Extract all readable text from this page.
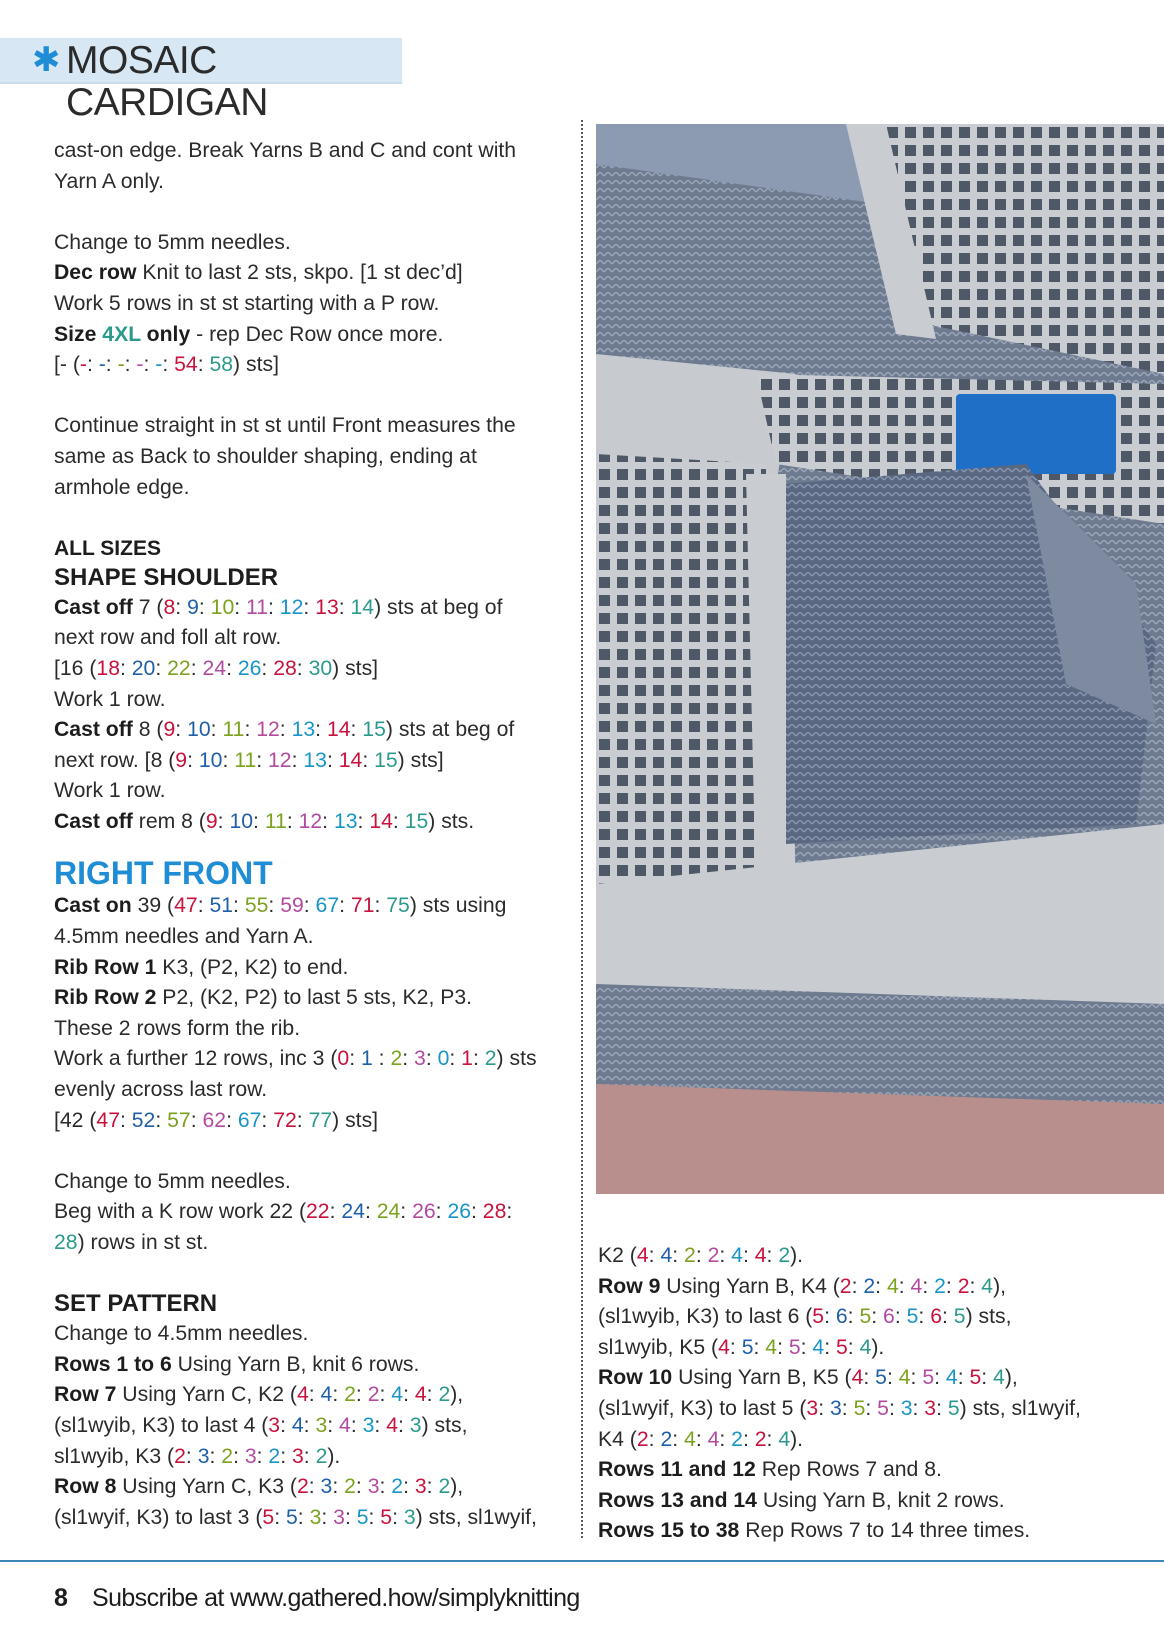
✱ MOSAIC CARDIGAN
cast-on edge. Break Yarns B and C and cont with
Yarn A only.
Change to 5mm needles.
Dec row Knit to last 2 sts, skpo. [1 st dec’d]
Work 5 rows in st st starting with a P row.
Size 4XL only - rep Dec Row once more.
[- (-: -: -: -: -: 54: 58) sts]
Continue straight in st st until Front measures the
same as Back to shoulder shaping, ending at
armhole edge.
ALL SIZES
SHAPE SHOULDER
Cast off 7 (8: 9: 10: 11: 12: 13: 14) sts at beg of
next row and foll alt row.
[16 (18: 20: 22: 24: 26: 28: 30) sts]
Work 1 row.
Cast off 8 (9: 10: 11: 12: 13: 14: 15) sts at beg of
next row. [8 (9: 10: 11: 12: 13: 14: 15) sts]
Work 1 row.
Cast off rem 8 (9: 10: 11: 12: 13: 14: 15) sts.
RIGHT FRONT
Cast on 39 (47: 51: 55: 59: 67: 71: 75) sts using
4.5mm needles and Yarn A.
Rib Row 1 K3, (P2, K2) to end.
Rib Row 2 P2, (K2, P2) to last 5 sts, K2, P3.
These 2 rows form the rib.
Work a further 12 rows, inc 3 (0: 1 : 2: 3: 0: 1: 2) sts
evenly across last row.
[42 (47: 52: 57: 62: 67: 72: 77) sts]
Change to 5mm needles.
Beg with a K row work 22 (22: 24: 24: 26: 26: 28:
28) rows in st st.
SET PATTERN
Change to 4.5mm needles.
Rows 1 to 6 Using Yarn B, knit 6 rows.
Row 7 Using Yarn C, K2 (4: 4: 2: 2: 4: 4: 2),
(sl1wyib, K3) to last 4 (3: 4: 3: 4: 3: 4: 3) sts,
sl1wyib, K3 (2: 3: 2: 3: 2: 3: 2).
Row 8 Using Yarn C, K3 (2: 3: 2: 3: 2: 3: 2),
(sl1wyif, K3) to last 3 (5: 5: 3: 3: 5: 5: 3) sts, sl1wyif,
K2 (4: 4: 2: 2: 4: 4: 2).
Row 9 Using Yarn B, K4 (2: 2: 4: 4: 2: 2: 4),
(sl1wyib, K3) to last 6 (5: 6: 5: 6: 5: 6: 5) sts,
sl1wyib, K5 (4: 5: 4: 5: 4: 5: 4).
Row 10 Using Yarn B, K5 (4: 5: 4: 5: 4: 5: 4),
(sl1wyif, K3) to last 5 (3: 3: 5: 5: 3: 3: 5) sts, sl1wyif,
K4 (2: 2: 4: 4: 2: 2: 4).
Rows 11 and 12 Rep Rows 7 and 8.
Rows 13 and 14 Using Yarn B, knit 2 rows.
Rows 15 to 38 Rep Rows 7 to 14 three times.
8 Subscribe at www.gathered.how/simplyknitting
